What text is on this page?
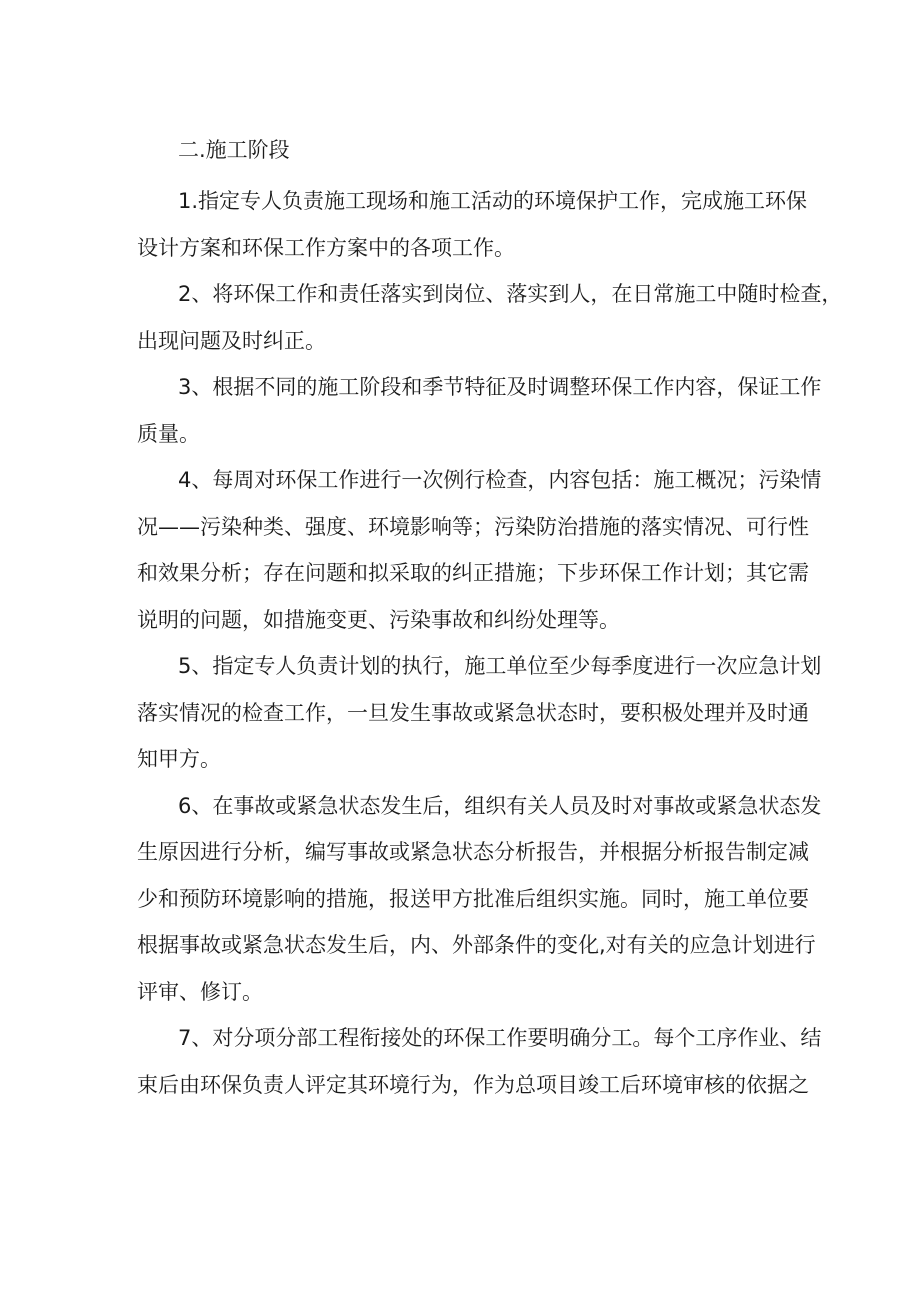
二.施工阶段
1.指定专人负责施工现场和施工活动的环境保护工作，完成施工环保
设计方案和环保工作方案中的各项工作。
2、将环保工作和责任落实到岗位、落实到人，在日常施工中随时检查，
出现问题及时纠正。
3、根据不同的施工阶段和季节特征及时调整环保工作内容，保证工作
质量。
4、每周对环保工作进行一次例行检查，内容包括：施工概况；污染情
况——污染种类、强度、环境影响等；污染防治措施的落实情况、可行性
和效果分析；存在问题和拟采取的纠正措施；下步环保工作计划；其它需
说明的问题，如措施变更、污染事故和纠纷处理等。
5、指定专人负责计划的执行，施工单位至少每季度进行一次应急计划
落实情况的检查工作，一旦发生事故或紧急状态时，要积极处理并及时通
知甲方。
6、在事故或紧急状态发生后，组织有关人员及时对事故或紧急状态发
生原因进行分析，编写事故或紧急状态分析报告，并根据分析报告制定减
少和预防环境影响的措施，报送甲方批准后组织实施。同时，施工单位要
根据事故或紧急状态发生后，内、外部条件的变化,对有关的应急计划进行
评审、修订。
7、对分项分部工程衔接处的环保工作要明确分工。每个工序作业、结
束后由环保负责人评定其环境行为，作为总项目竣工后环境审核的依据之
